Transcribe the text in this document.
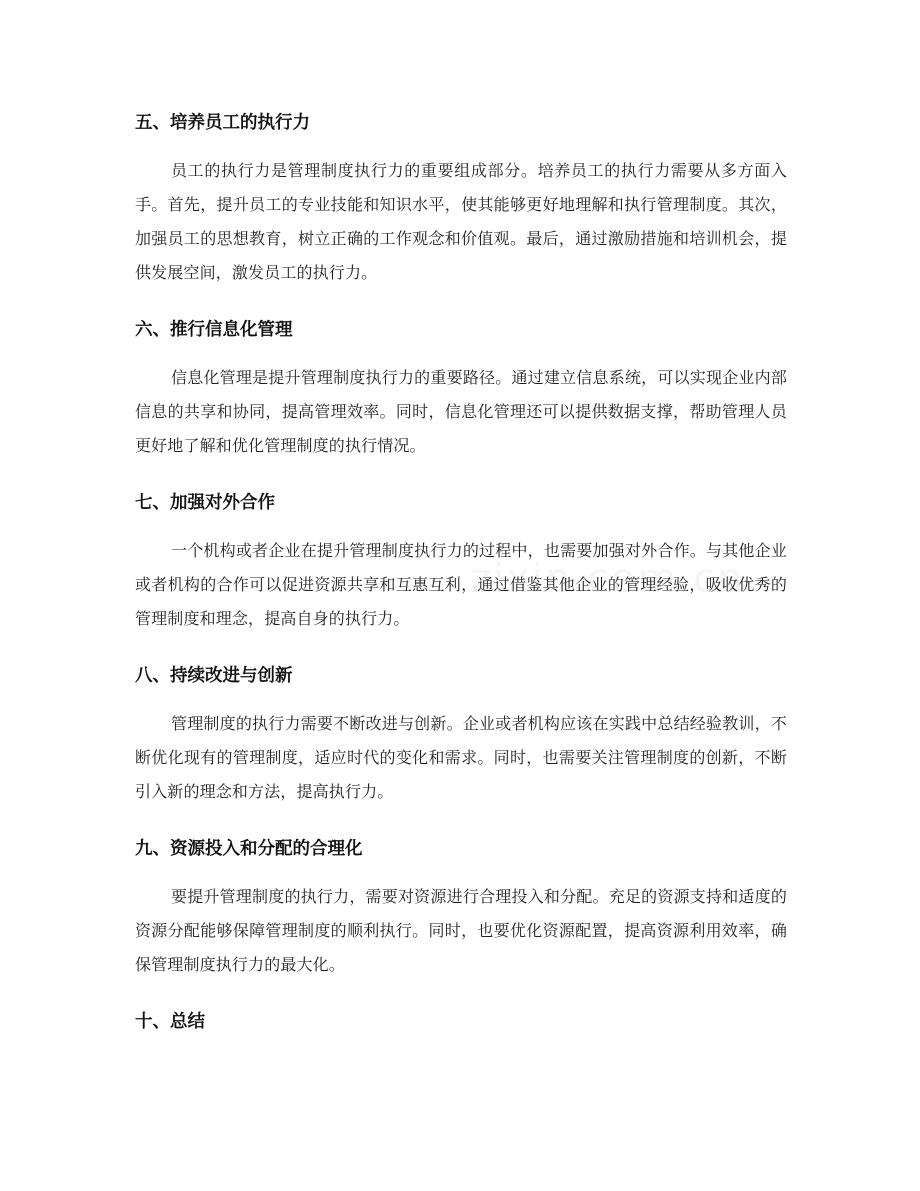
五、培养员工的执行力

员工的执行力是管理制度执行力的重要组成部分。培养员工的执行力需要从多方面入手。首先，提升员工的专业技能和知识水平，使其能够更好地理解和执行管理制度。其次，加强员工的思想教育，树立正确的工作观念和价值观。最后，通过激励措施和培训机会，提供发展空间，激发员工的执行力。

六、推行信息化管理

信息化管理是提升管理制度执行力的重要路径。通过建立信息系统，可以实现企业内部信息的共享和协同，提高管理效率。同时，信息化管理还可以提供数据支撑，帮助管理人员更好地了解和优化管理制度的执行情况。

七、加强对外合作

一个机构或者企业在提升管理制度执行力的过程中，也需要加强对外合作。与其他企业或者机构的合作可以促进资源共享和互惠互利，通过借鉴其他企业的管理经验，吸收优秀的管理制度和理念，提高自身的执行力。

八、持续改进与创新

管理制度的执行力需要不断改进与创新。企业或者机构应该在实践中总结经验教训，不断优化现有的管理制度，适应时代的变化和需求。同时，也需要关注管理制度的创新，不断引入新的理念和方法，提高执行力。

九、资源投入和分配的合理化

要提升管理制度的执行力，需要对资源进行合理投入和分配。充足的资源支持和适度的资源分配能够保障管理制度的顺利执行。同时，也要优化资源配置，提高资源利用效率，确保管理制度执行力的最大化。

十、总结
